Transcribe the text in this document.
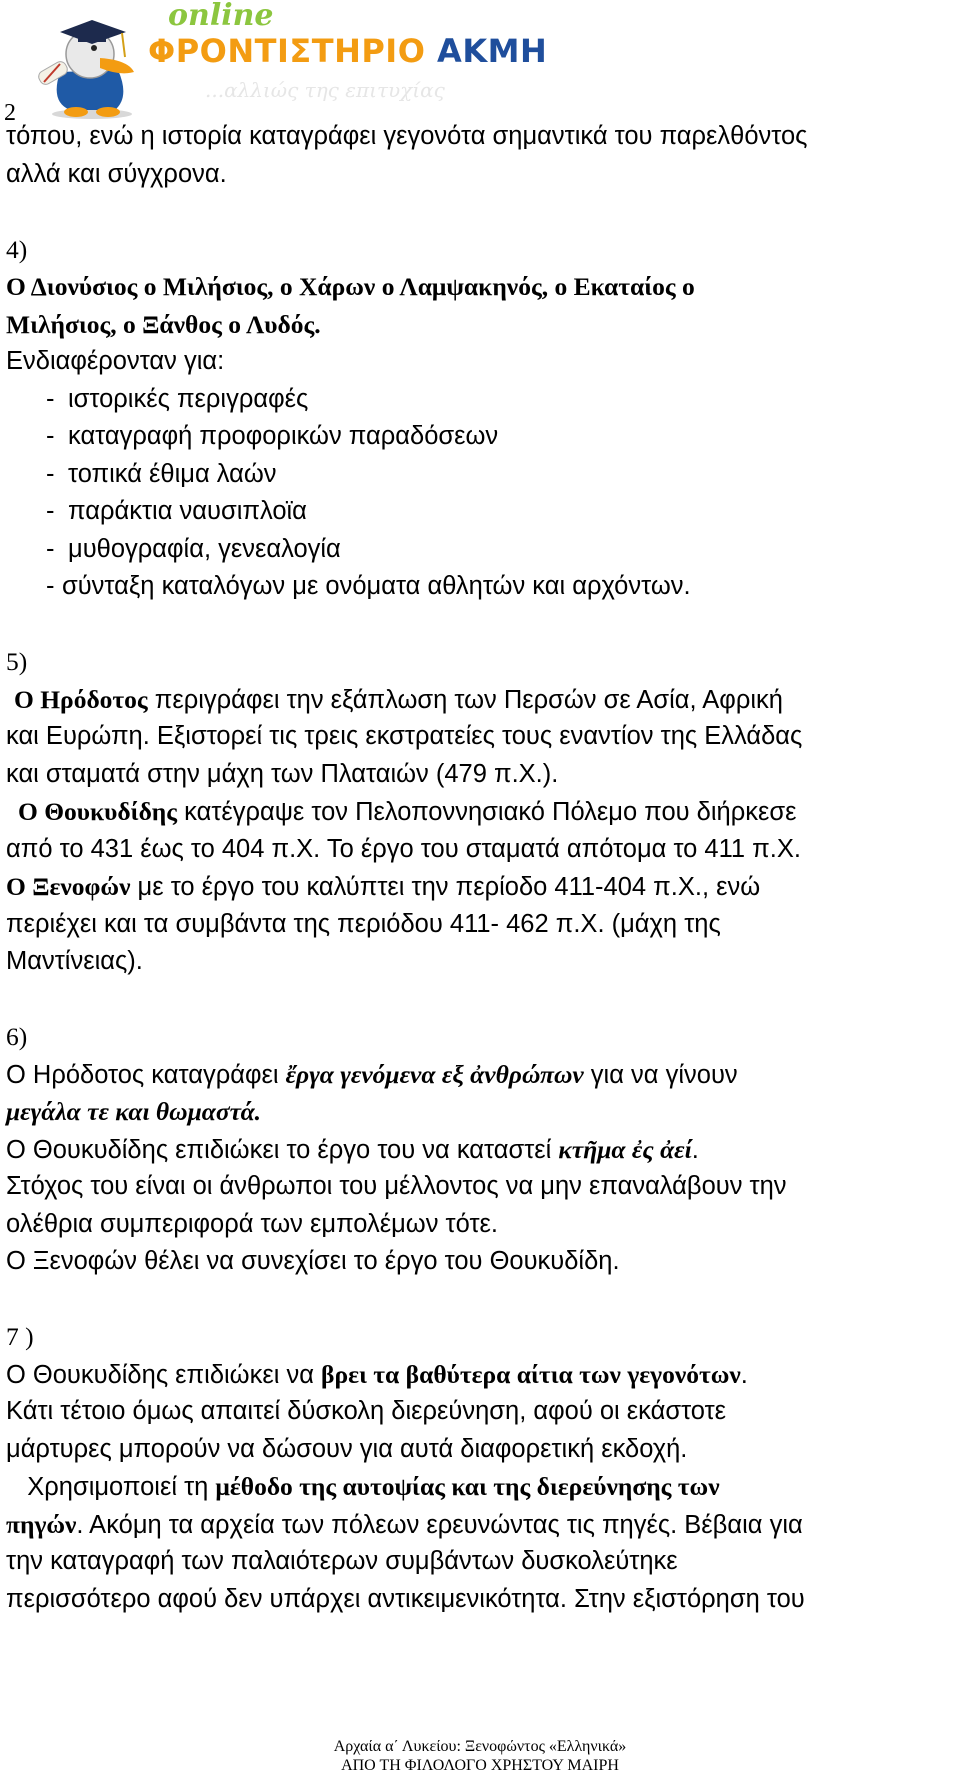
online
ΦΡΟΝΤΙΣΤΗΡΙΟ ΑΚΜΗ
...αλλιώς της επιτυχίας
2
τόπου, ενώ η ιστορία καταγράφει γεγονότα σημαντικά του παρελθόντος
αλλά και σύγχρονα.
4)
Ο Διονύσιος ο Μιλήσιος, ο Χάρων ο Λαμψακηνός, ο Εκαταίος ο
Μιλήσιος, ο Ξάνθος ο Λυδός.
Ενδιαφέρονταν για:
- ιστορικές περιγραφές
- καταγραφή προφορικών παραδόσεων
- τοπικά έθιμα λαών
- παράκτια ναυσιπλοϊα
- μυθογραφία, γενεαλογία
- σύνταξη καταλόγων με ονόματα αθλητών και αρχόντων.
5)
Ο Ηρόδοτος περιγράφει την εξάπλωση των Περσών σε Ασία, Αφρική
και Ευρώπη. Εξιστορεί τις τρεις εκστρατείες τους εναντίον της Ελλάδας
και σταματά στην μάχη των Πλαταιών (479 π.Χ.).
Ο Θουκυδίδης κατέγραψε τον Πελοποννησιακό Πόλεμο που διήρκεσε
από το 431 έως το 404 π.Χ. Το έργο του σταματά απότομα το 411 π.Χ.
Ο Ξενοφών με το έργο του καλύπτει την περίοδο 411-404 π.Χ., ενώ
περιέχει και τα συμβάντα της περιόδου 411- 462 π.Χ. (μάχη της
Μαντίνειας).
6)
Ο Ηρόδοτος καταγράφει ἔργα γενόμενα εξ ἀνθρώπων για να γίνουν
μεγάλα τε και θωμαστά.
Ο Θουκυδίδης επιδιώκει το έργο του να καταστεί κτῆμα ἐς ἀεί.
Στόχος του είναι οι άνθρωποι του μέλλοντος να μην επαναλάβουν την
ολέθρια συμπεριφορά των εμπολέμων τότε.
Ο Ξενοφών θέλει να συνεχίσει το έργο του Θουκυδίδη.
7 )
Ο Θουκυδίδης επιδιώκει να βρει τα βαθύτερα αίτια των γεγονότων.
Κάτι τέτοιο όμως απαιτεί δύσκολη διερεύνηση, αφού οι εκάστοτε
μάρτυρες μπορούν να δώσουν για αυτά διαφορετική εκδοχή.
Χρησιμοποιεί τη μέθοδο της αυτοψίας και της διερεύνησης των
πηγών. Ακόμη τα αρχεία των πόλεων ερευνώντας τις πηγές. Βέβαια για
την καταγραφή των παλαιότερων συμβάντων δυσκολεύτηκε
περισσότερο αφού δεν υπάρχει αντικειμενικότητα. Στην εξιστόρηση του
Αρχαία α΄ Λυκείου: Ξενοφώντος «Ελληνικά»
ΑΠΟ ΤΗ ΦΙΛΟΛΟΓΟ ΧΡΗΣΤΟΥ ΜΑΙΡΗ
